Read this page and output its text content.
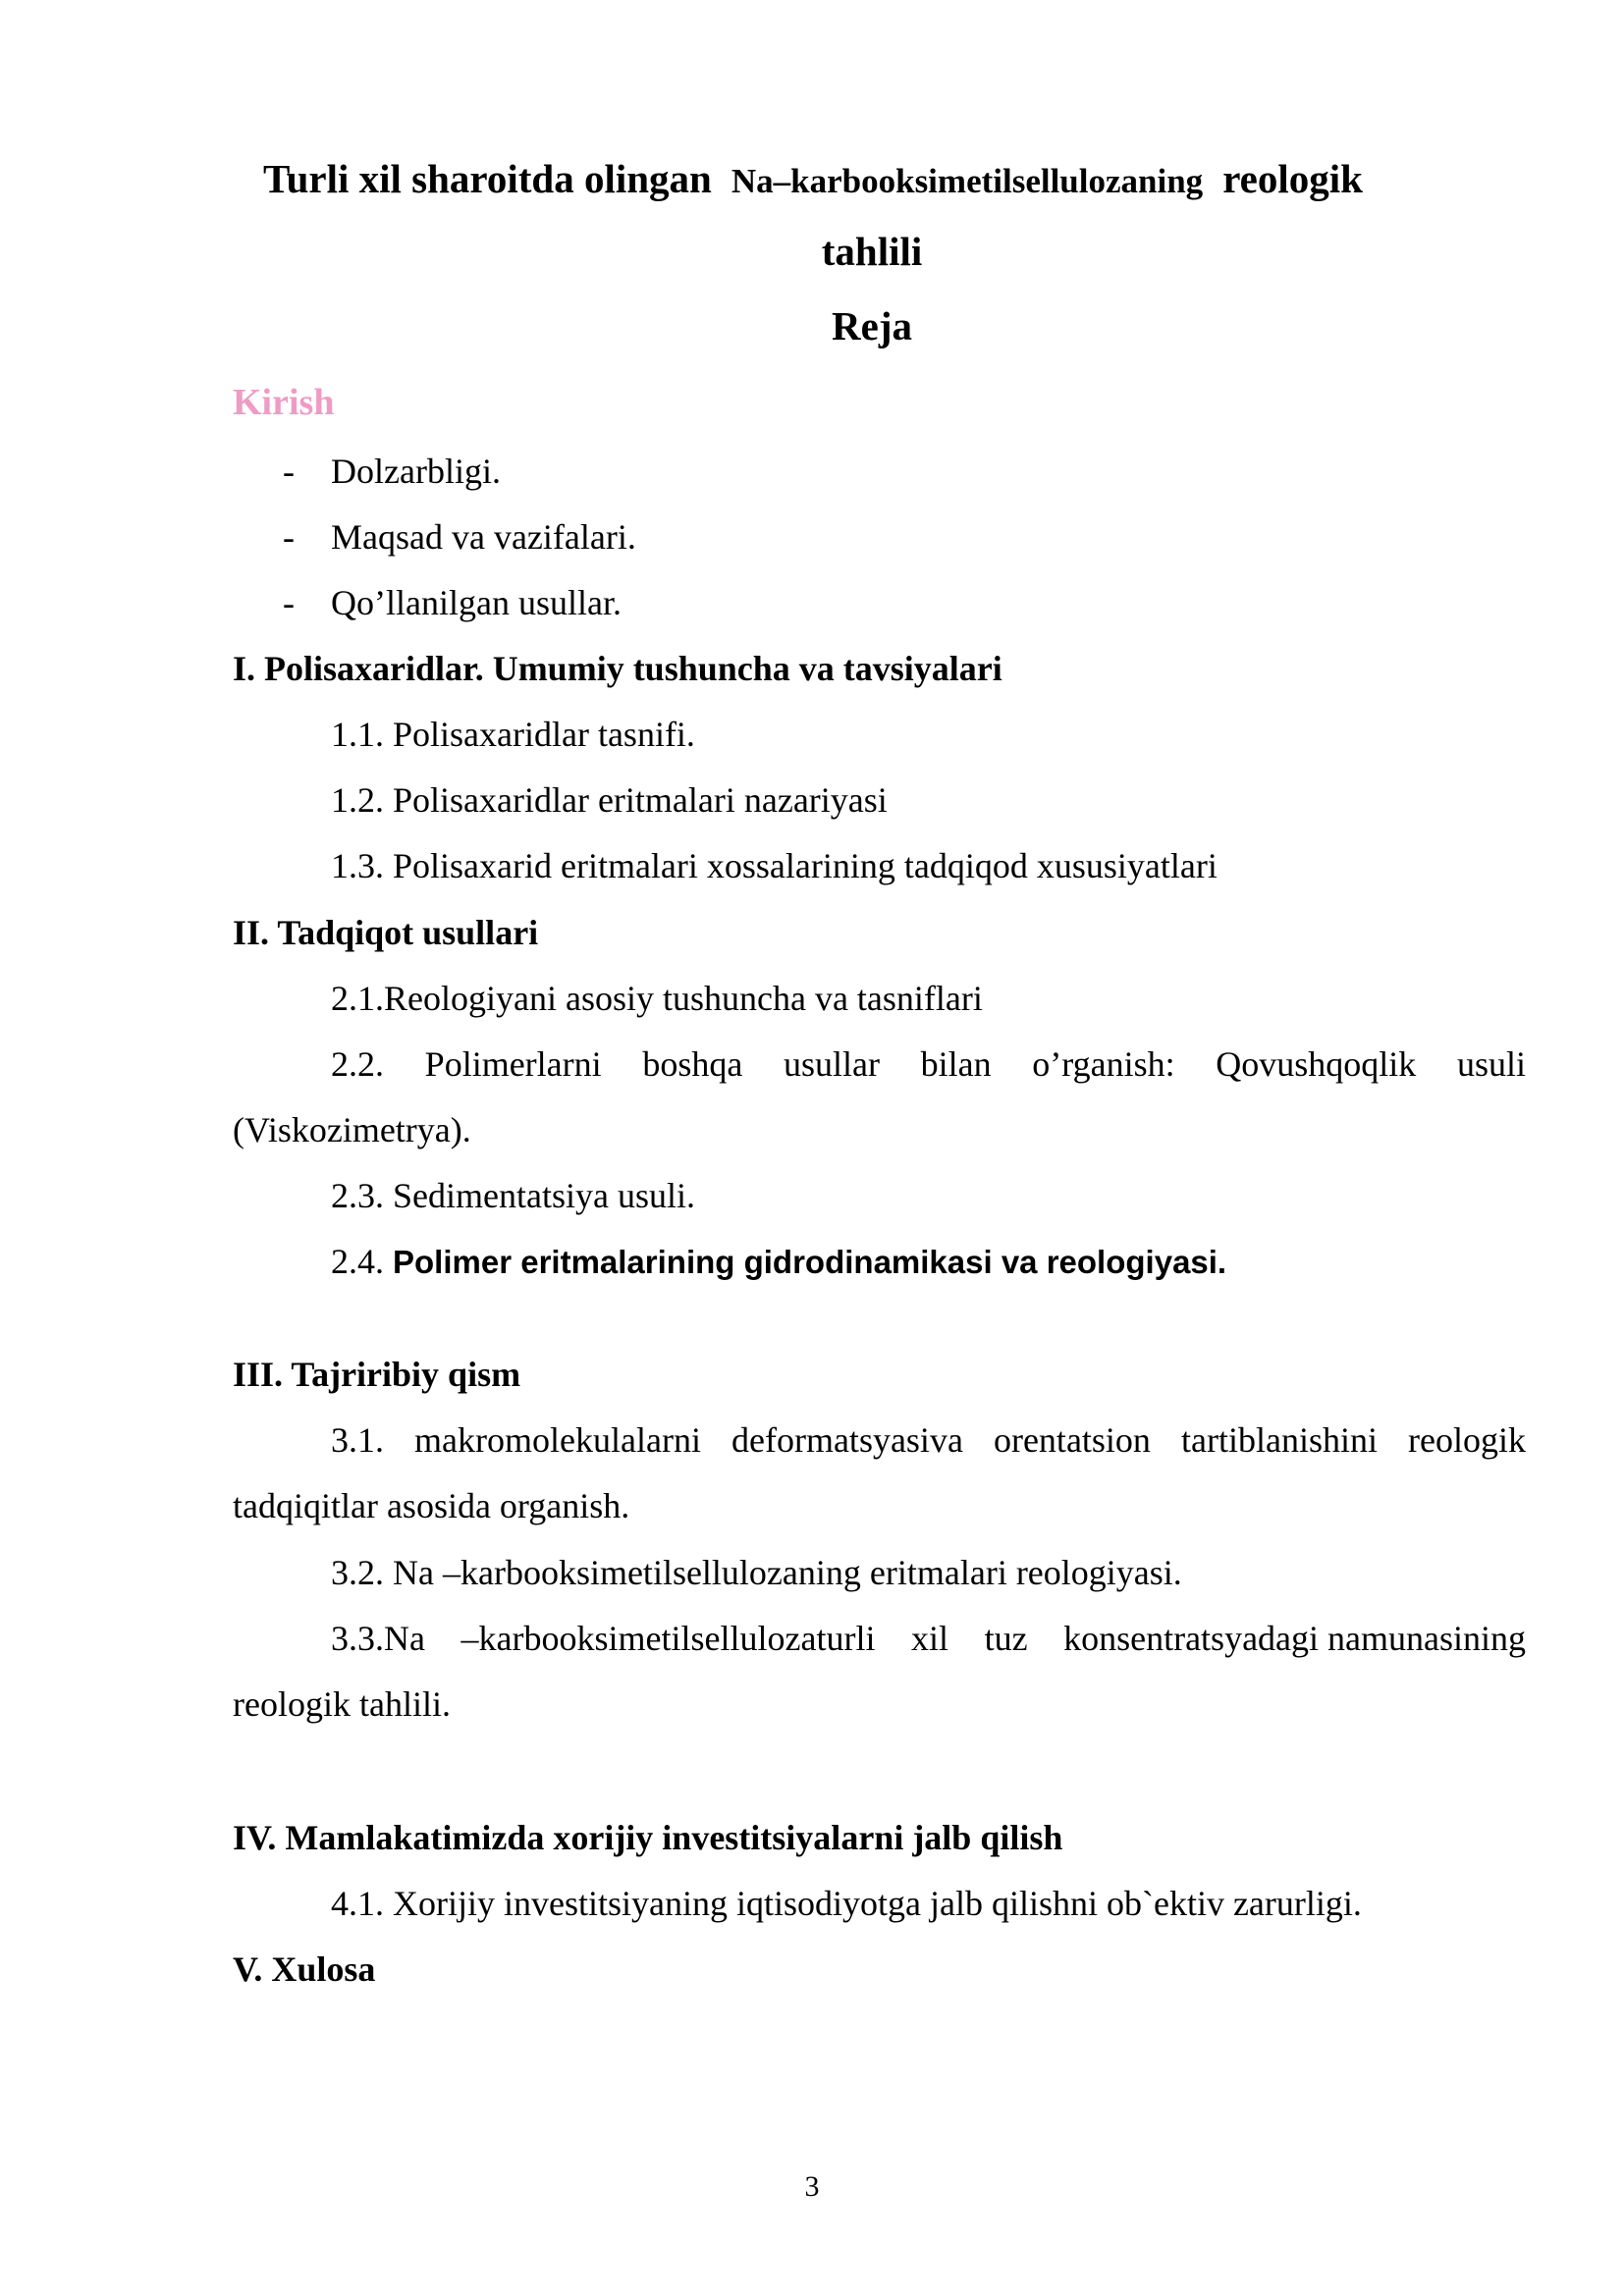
Turli xil sharoitda olingan Na–karbooksimetilsellulozaning reologik
tahlili
Reja
Kirish
- Dolzarbligi.
- Maqsad va vazifalari.
- Qo’llanilgan usullar.
I. Polisaxaridlar. Umumiy tushuncha va tavsiyalari
1.1. Polisaxaridlar tasnifi.
1.2. Polisaxaridlar eritmalari nazariyasi
1.3. Polisaxarid eritmalari xossalarining tadqiqod xususiyatlari
II. Tadqiqot usullari
2.1.Reologiyani asosiy tushuncha va tasniflari
2.2. Polimerlarni boshqa usullar bilan o’rganish: Qovushqoqlik usuli
(Viskozimetrya).
2.3. Sedimentatsiya usuli.
2.4. Polimer eritmalarining gidrodinamikasi va reologiyasi.
III. Tajriribiy qism
3.1. makromolekulalarni deformatsyasiva orentatsion tartiblanishini reologik
tadqiqitlar asosida organish.
3.2. Na –karbooksimetilsellulozaning eritmalari reologiyasi.
3.3.Na –karbooksimetilsellulozaturli xil tuz konsentratsyadagi namunasining
reologik tahlili.
IV. Mamlakatimizda xorijiy investitsiyalarni jalb qilish
4.1. Xorijiy investitsiyaning iqtisodiyotga jalb qilishni ob`ektiv zarurligi.
V. Xulosa
3
